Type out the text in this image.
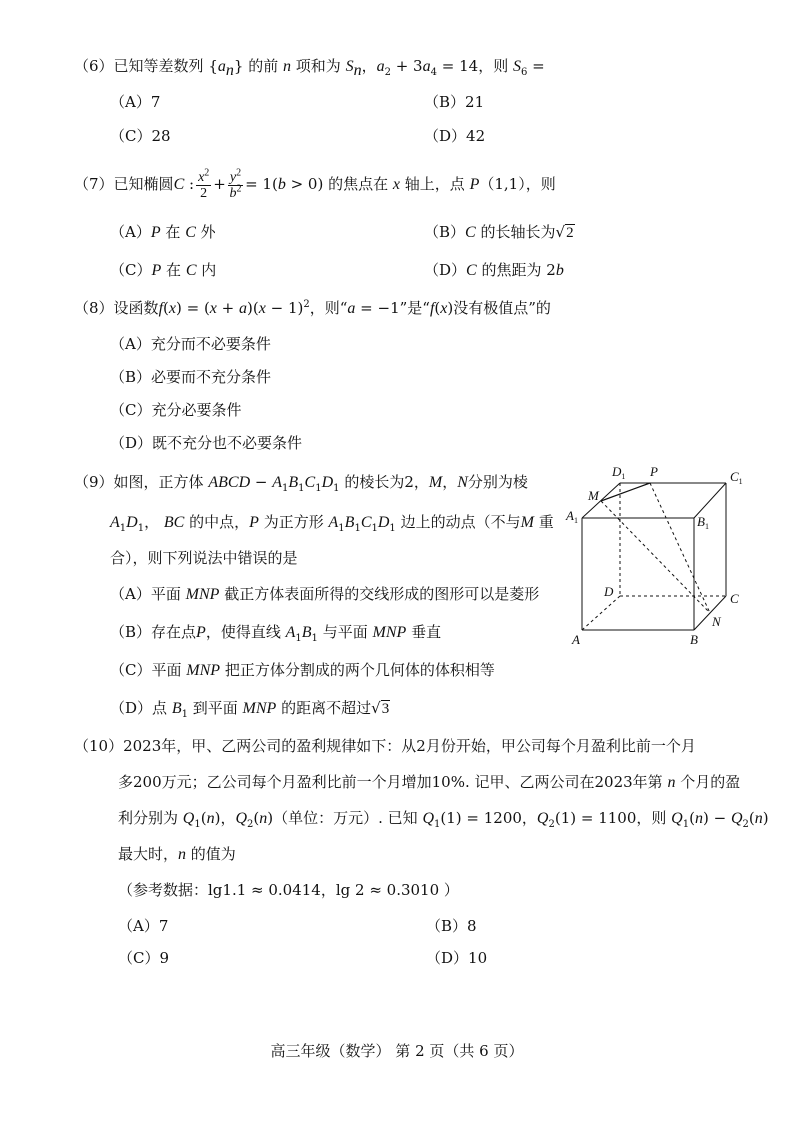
（6）已知等差数列 $\{a_n\}$ 的前 n 项和为 $S_n$，$a_2 + 3a_4 = 14$，则 $S_6$ =
（A）7	（B）21
（C）28	（D）42
（7）已知椭圆C : $\frac{x^2}{2} + \frac{y^2}{b^2} = 1(b > 0)$ 的焦点在 x 轴上，点 P（1,1），则
（A）P 在 C 外	（B）C 的长轴长为√2
（C）P 在 C 内	（D）C 的焦距为 2b
（8）设函数$f(x) = (x + a)(x - 1)^2$，则“a = −1”是“f(x)没有极值点”的
（A）充分而不必要条件
（B）必要而不充分条件
（C）充分必要条件
（D）既不充分也不必要条件
（9）如图，正方体 ABCD − $A_1B_1C_1D_1$ 的棱长为2，M，N分别为棱
$A_1D_1$， BC 的中点，P 为正方形 $A_1B_1C_1D_1$ 边上的动点（不与M 重
合），则下列说法中错误的是
（A）平面 MNP 截正方体表面所得的交线形成的图形可以是菱形
（B）存在点P，使得直线 $A_1B_1$ 与平面 MNP 垂直
（C）平面 MNP 把正方体分割成的两个几何体的体积相等
（D）点 $B_1$ 到平面 MNP 的距离不超过√3
$D_1$ P	$C_1$
M
$A_1$	$B_1$
D	C
N
A	B
（10）2023年，甲、乙两公司的盈利规律如下：从2月份开始，甲公司每个月盈利比前一个月
多200万元；乙公司每个月盈利比前一个月增加10%. 记甲、乙两公司在2023年第 n 个月的盈
利分别为 $Q_1(n)$，$Q_2(n)$（单位：万元）. 已知 $Q_1(1) = 1200$，$Q_2(1) = 1100$，则 $Q_1(n) - Q_2(n)$
最大时，n 的值为
（参考数据：lg1.1 ≈ 0.0414，lg 2 ≈ 0.3010 ）
（A）7	（B）8
（C）9	（D）10
高三年级（数学） 第 2 页（共 6 页）
